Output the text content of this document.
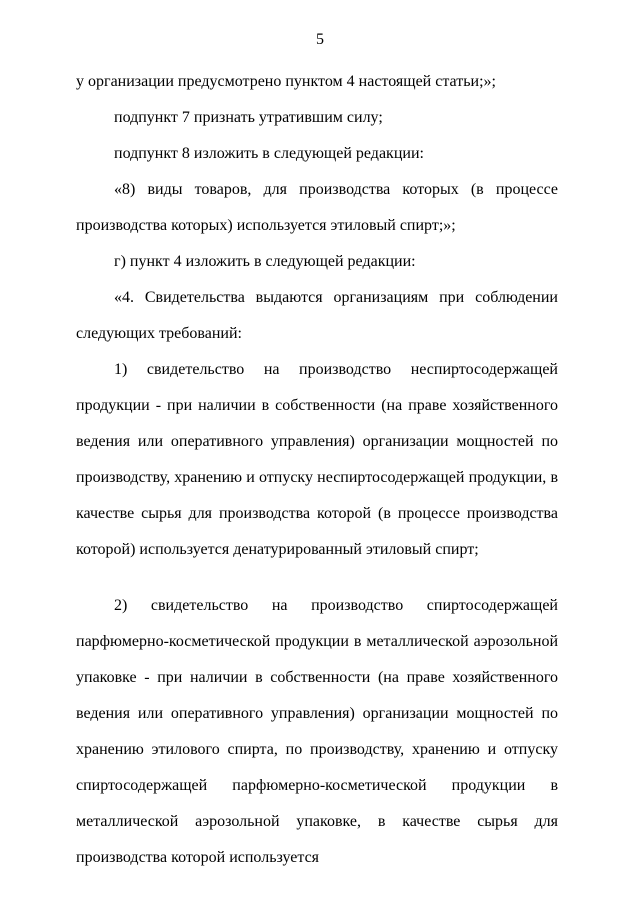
5

у организации предусмотрено пунктом 4 настоящей статьи;»;

подпункт 7 признать утратившим силу;

подпункт 8 изложить в следующей редакции:

«8) виды товаров, для производства которых (в процессе производства которых) используется этиловый спирт;»;

г) пункт 4 изложить в следующей редакции:

«4. Свидетельства выдаются организациям при соблюдении следующих требований:

1) свидетельство на производство неспиртосодержащей продукции - при наличии в собственности (на праве хозяйственного ведения или оперативного управления) организации мощностей по производству, хранению и отпуску неспиртосодержащей продукции, в качестве сырья для производства которой (в процессе производства которой) используется денатурированный этиловый спирт;

2) свидетельство на производство спиртосодержащей парфюмерно-косметической продукции в металлической аэрозольной упаковке - при наличии в собственности (на праве хозяйственного ведения или оперативного управления) организации мощностей по хранению этилового спирта, по производству, хранению и отпуску спиртосодержащей парфюмерно-косметической продукции в металлической аэрозольной упаковке, в качестве сырья для производства которой используется
